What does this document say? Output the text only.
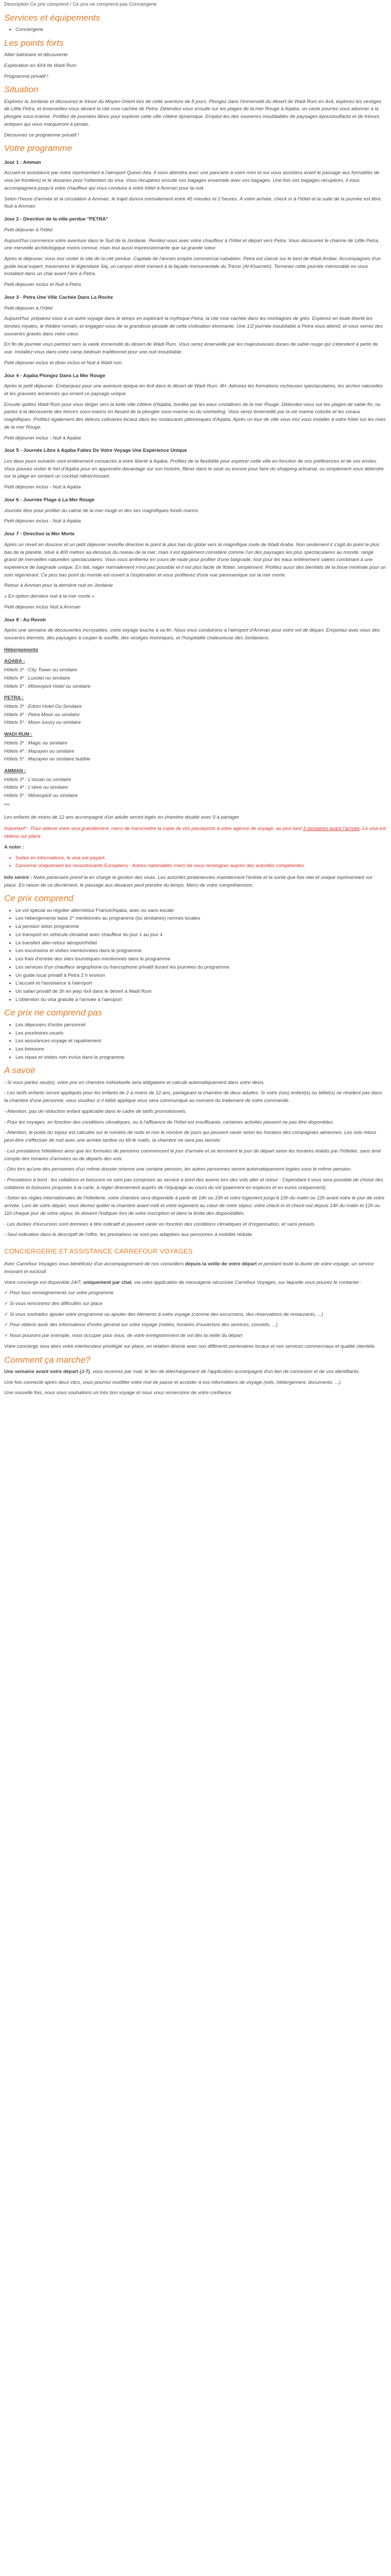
Description Ce prix comprend / Ce prix ne comprend pas Conciergerie
Services et équipements
• Conciergerie
Les points forts

Allier balnéaire et découverte

Exploration en 4X4 de Wadi Rum

Programme privatif !

Situation

Explorez la Jordanie et découvrez le trésor du Moyen-Orient lors de cette aventure de 8 jours. Plongez dans l'immensité du désert de Wadi Rum en 4x4, explorez les vestiges de Little Petra, et émerveillez-vous devant la cité rose cachée de Petra. Détendez-vous ensuite sur les plages de la mer Rouge à Aqaba, un vaste pourrez vous adonner à la plongée sous-marine. Profitez de journées libres pour explorer cette ville côtière dynamique. Empiez-les des souvenirs inoubliables de paysages époustouflants et de trésors antiques qui vous marqueront à jamais.

Découvrez ce programme privatif !

Votre programme
Jour 1 : Amman

Accueil et assistance par notre représentant à l'aéroport Queen Alia. Il vous attendra avec une pancarte à votre nom et sur vous assistera avant le passage aux formalités de visa (et frontière) et le douanes pour l'obtention du visa. Vous récupérez ensuite vos bagages ensemble avec vos bagages. Une fois vos bagages récupérés, il vous accompagnera jusqu'à votre chauffeur qui vous conduira à votre hôtel à Amman pour la nuit.

Selon l'heure d'arrivée et la circulation à Amman, le trajet durera normalement entre 45 minutes et 2 heures. À votre arrivée, check in à l'hôtel et la suite de la journée est libre. Nuit à Amman.

Jour 2 - Direction de la ville perdue "PETRA"

Petit déjeuner à l'hôtel

Aujourd'hui commence votre aventure dans le Sud de la Jordanie. Rendez-vous avec votre chauffeur à l'hôtel et départ vers Petra. Vous découvrez le charme de Little Petra, une merveille archéologique moins connue, mais tout aussi impressionnante que sa grande sœur.

Après le déjeuner, vous irez visiter le site de la cité perdue. Capitale de l'ancien empire commercial nabatéen. Petra est classé sur le best de Wadi Amber. Accompagnés d'un guide local expert, traverserez le légendaire Siq, un canyon étroit menant à la façade monumentale du Trésor (Al-Khazneh). Terminez cette journée mémorable en vous installant dans un chai avant l'aire à Petra.

Petit déjeuner inclus et Nuit à Petra

Jour 3 - Petra Une Ville Cachée Dans La Roche

Petit déjeuner à l'hôtel

Aujourd'hui, préparez-vous à un autre voyage dans le temps en explorant la mythique Petra, la cité rose cachée dans les montagnes de grès. Explorez en toute liberté les tombes royales, le théâtre romain, et engagez-vous de la grandiose pesade de cette civilisation étonnante. Une 1/2 journée inoubliable à Petra vous attend, et vous verrez des souvenirs gravés dans votre cœur.

En fin de journée vous partirez vers la vaste immensité du désert de Wadi Rum. Vous serez émerveillé par les majestueuses dunes de sable rouge qui s'étendent à perte de vue. Installez-vous dans votre camp bédouin traditionnel pour une nuit inoubliable.

Petit déjeuner inclus et diner inclus et Nuit à Wadi rum

Jour 4 - Aqaba Plongez Dans La Mer Rouge

Après le petit déjeuner. Embarquez pour une aventure épique en 4x4 dans le désert de Wadi Rum. 4H. Admirez les formations rocheuses spectaculaires, les arches naturelles et les gravures anciennes qui ornent ce paysage unique.

Ensuite quittez Wadi Rum pour vous diriger vers la belle ville côtière d'Aqaba, bordée par les eaux cristallines de la mer Rouge. Détendez-vous sur les plages de sable fin, ou partez à la découverte des trésors sous-marins en faisant de la plongée sous-marine ou du snorkeling. Vous serez émerveillé par la vie marine colorée et les coraux magnifiques. Profitez également des délices culinaires locaux dans les restaurants pittoresques d'Aqaba. Après un tour de ville vous irez vous installer à votre hôtel sur les rives de la mer Rouge.

Petit déjeuner inclus - Nuit à Aqaba

Jour 5 - Journée Libre à Aqaba Faites De Votre Voyage Une Expérience Unique

Les deux jours suivants sont entièrement consacrés à votre liberté à Aqaba. Profitez de la flexibilité pour explorer cette ville en fonction de vos préférences et de vos envies. Vous pouvez visiter le fort d'Aqaba pour en apprendre davantage sur son histoire, flâner dans le souk ou encore pour faire du shopping artisanal, ou simplement vous détendre sur la plage en sirotant un cocktail rafraîchissant.

Petit déjeuner inclus - Nuit à Aqaba

Jour 6 - Journée Plage à La Mer Rouge

Journée libre pour profiter du calme de la mer rouge et des ses magnifiques fonds marins

Petit déjeuner inclus - Nuit à Aqaba

Jour 7 - Direction la Mer Morte

Après un réveil en douceur et un petit déjeuner revivifie direction le point le plus bas du globe vers la magnifique route de Wadi Araba. Non seulement il s'agit du point le plus bas de la planète, situé à 400 mètres au-dessous du niveau de la mer, mais il est également considéré comme l'un des paysages les plus spectaculaires au monde, rangé grand de merveilles naturelles spectaculaires. Vous vous arrêterez en cours de route pour profiter d'une baignade, tout pour les eaux entièrement salées combinant à une expérience de baignade unique. En fait, nager normalement n'est pas possible et il est plus facile de flotter, simplement. Profitez aussi des bienfaits de la boue minérale pour un soin régénérant. Ce plus bas point du monde est ouvert à l'exploration et vous profiterez d'une vue panoramique sur la mer morte.

Retour à Amman pour la dernière nuit en Jordanie

« En option dernière nuit à la mer morte »

Petit déjeuner inclus Nuit à Amman

Jour 8 : Au Revoir

Après une semaine de découvertes incroyables, votre voyage touche à sa fin. Nous vous conduirons à l'aéroport d'Amman pour votre vol de départ. Emportez avec vous des souvenirs éternels, des paysages à couper le souffle, des vestiges historiques, et l'hospitalité chaleureuse des Jordaniens.

Hébergements
AQABA :
Hôtels 3* : City Tower ou similaire
Hôtels 4* : Luxotel ou similaire
Hôtels 5* : Mövenpick Hotel ou similaire
PETRA :
Hôtels 3* : Edom Hotel Ou Similaire
Hôtels 4* : Petra Moon ou similaire
Hôtels 5* : Moon luxury ou similaire
WADI RUM :
Hôtels 3* : Magic ou similaire
Hôtels 4* : Mazayen ou similaire
Hôtels 5* : Mazayen ou similaire bubble
AMMAN :
Hôtels 3* : L'ossan ou similaire
Hôtels 4* : L'olive ou similaire
Hôtels 5* : Mövenpick ou similaire
***

Les enfants de moins de 12 ans accompagné d'un adulte seront logés en chambre double avec 0 à partager

Important* : Pour obtenir votre visa gratuitement, merci de transmettre la copie de vos passeports à votre agence de voyage, au plus tard 3 semaines avant l'arrivée. Le visa est obtenu sur place.

A noter :

• Suites en informations, le visa est payant.
• Concerne uniquement les ressortissants Européens - Autres nationalités merci de vous renseigner auprès des autorités compétentes.

Info séniré : Notre partenaire prend la en charge la gestion des visas. Les autorités jordaniennes maintiennent l'entrée et la sortie que fixe réel et unique représentant sur place. En raison de ce décrément, le passage aux douanes peut prendre du temps. Merci de votre compréhension.

Ce prix comprend
• Le vol spécial ou régulier aller/retour France/Aqaba, avec ou sans escale
• Les hébergements base 2* mentionnés au programme (ou similaires) normes locales
• La pension selon programme
• Le transport en véhicule climatisé avec chauffeur du jour 1 au jour 4
• Le transfert aller-retour aéroport/hôtel
• Les excursions et visites mentionnées dans le programme
• Les frais d'entrée des sites touristiques mentionnés dans le programme
• Les services d'un chauffeur anglophone ou francophone privatif durant les journées du programme
• Un guide local privatif à Petra 2 h environ
• L'accueil et l'assistance à l'aéroport
• Un safari privatif de 3h en jeep 4x4 dans le désert à Wadi Rum
• L'obtention du visa gratuite à l'arrivée à l'aéroport
Ce prix ne comprend pas
• Les déjeuners d'ordre personnel
• Les pourboires usuels
• Les assurances voyage et rapatriement
• Les boissons
• Les repas et visites non inclus dans le programme
A savoir

- Si vous partez seul(e), votre prix en chambre individuelle sera obligatoire et calculé automatiquement dans votre devis.

- Les tarifs enfants seront appliqués pour les enfants de 2 à moins de 12 ans, partageant la chambre de deux adultes. Si votre (vos) enfant(s) ou bébé(s) ne résident pas dans la chambre d'une personne, vous voudrez si il bébé applique vous sera communiqué au moment du traitement de votre commande.

- Attention, pas de réduction enfant applicable dans le cadre de tarifs promotionnels.

- Pour les voyages, en fonction des conditions climatiques, ou à l'affluence de l'hôtel est insuffisante, certaines activités peuvent ne pas être disponibles.

- Attention, le poids du séjour est calculée sur le nombre de nuits et non le nombre de jours qui peuvent varier selon les horaires des compagnies aériennes. Les vols retour peut-être s'effectuer de nuit avec une arrivée tardive ou tôt le matin, la chambre ne sera pas laissée.

- Les prestations hôtelières ainsi que les formules de pensions commencent le jour d'arrivée et se terminent le jour de départ selon les horaires établis par l'hôtelier, sans tenir compte des horaires d'arrivées ou de départs des vols.

- Dès lors qu'une des personnes d'un même dossier réserve une certaine pension, les autres personnes seront automatiquement logées sous le même pension.

- Prestations à bord : les collations et boissons ne sont pas comprises au service à bord des avions lors des vols aller et retour : Cependant il vous sera possible de choisir des collations et boissons proposés à la carte, à régler directement auprès de l'équipage au cours du vol (paiement en espèces et en euros uniquement).

- Selon les règles internationales de l'hôtellerie, votre chambre sera disponible à partir de 14h ou 15h et votre logement jusqu'à 10h du matin ou 12h avant votre le jour de votre arrivée. Lors de votre départ, vous devrez quitter la chambre avant midi et votre logement au cœur de votre séjour, votre check-in et check-out depuis 14h du matin et 12h ou 11h chaque jour de votre séjour, ils doivent l'indiquer lors de votre inscription et dans la limite des disponibilités.

- Les durées d'excursion sont données à titre indicatif et peuvent varier en fonction des conditions climatiques et d'organisation, et sans préavis.

- Seul indication dans le descriptif de l'offre, les prestations ne sont pas adaptées aux personnes à mobilité réduite.

CONCIERGERIE ET ASSISTANCE CARREFOUR VOYAGES

Avec Carrefour Voyages vous bénéficiez d'un accompagnement de nos conseillers depuis la veille de votre départ et pendant toute la durée de votre voyage, un service innovant et exclusif.

Votre concierge est disponible 24/7, uniquement par chat, via votre application de messagerie sécurisée Carrefour Voyages, sur laquelle vous pouvez le contacter :

✓ Pour tous renseignements sur votre programme

✓ Si vous rencontrez des difficultés sur place

✓ Si vous souhaitez ajouter votre programme ou ajouter des éléments à votre voyage (comme des excursions, des réservations de restaurants, ...)

✓ Pour obtenir avoir des informations d'ordre général sur votre voyage (météo, horaires d'ouverture des services, conseils, ...)

✓ Nous pouvons par exemple, nous occuper pour vous, de votre enregistrement de vol dès la veille du départ

Votre concierge sera alors votre interlocuteur privilégié sur place, en relation directe avec nos différents partenaires locaux et nos services commerciaux et qualité clientèle.

Comment ça marche?

Une semaine avant votre départ (J-7), vous recevrez par mail, le lien de téléchargement de l'application accompagné d'un lien de connexion et de vos identifiants.

Une fois connecté après deux clics, vous pourrez modifier votre mot de passe et accéder à vos informations de voyage (vols, hébergement, documents, ...).

Une nouvelle fois, nous vous souhaitons un très bon voyage et nous vous remercions de votre confiance.
